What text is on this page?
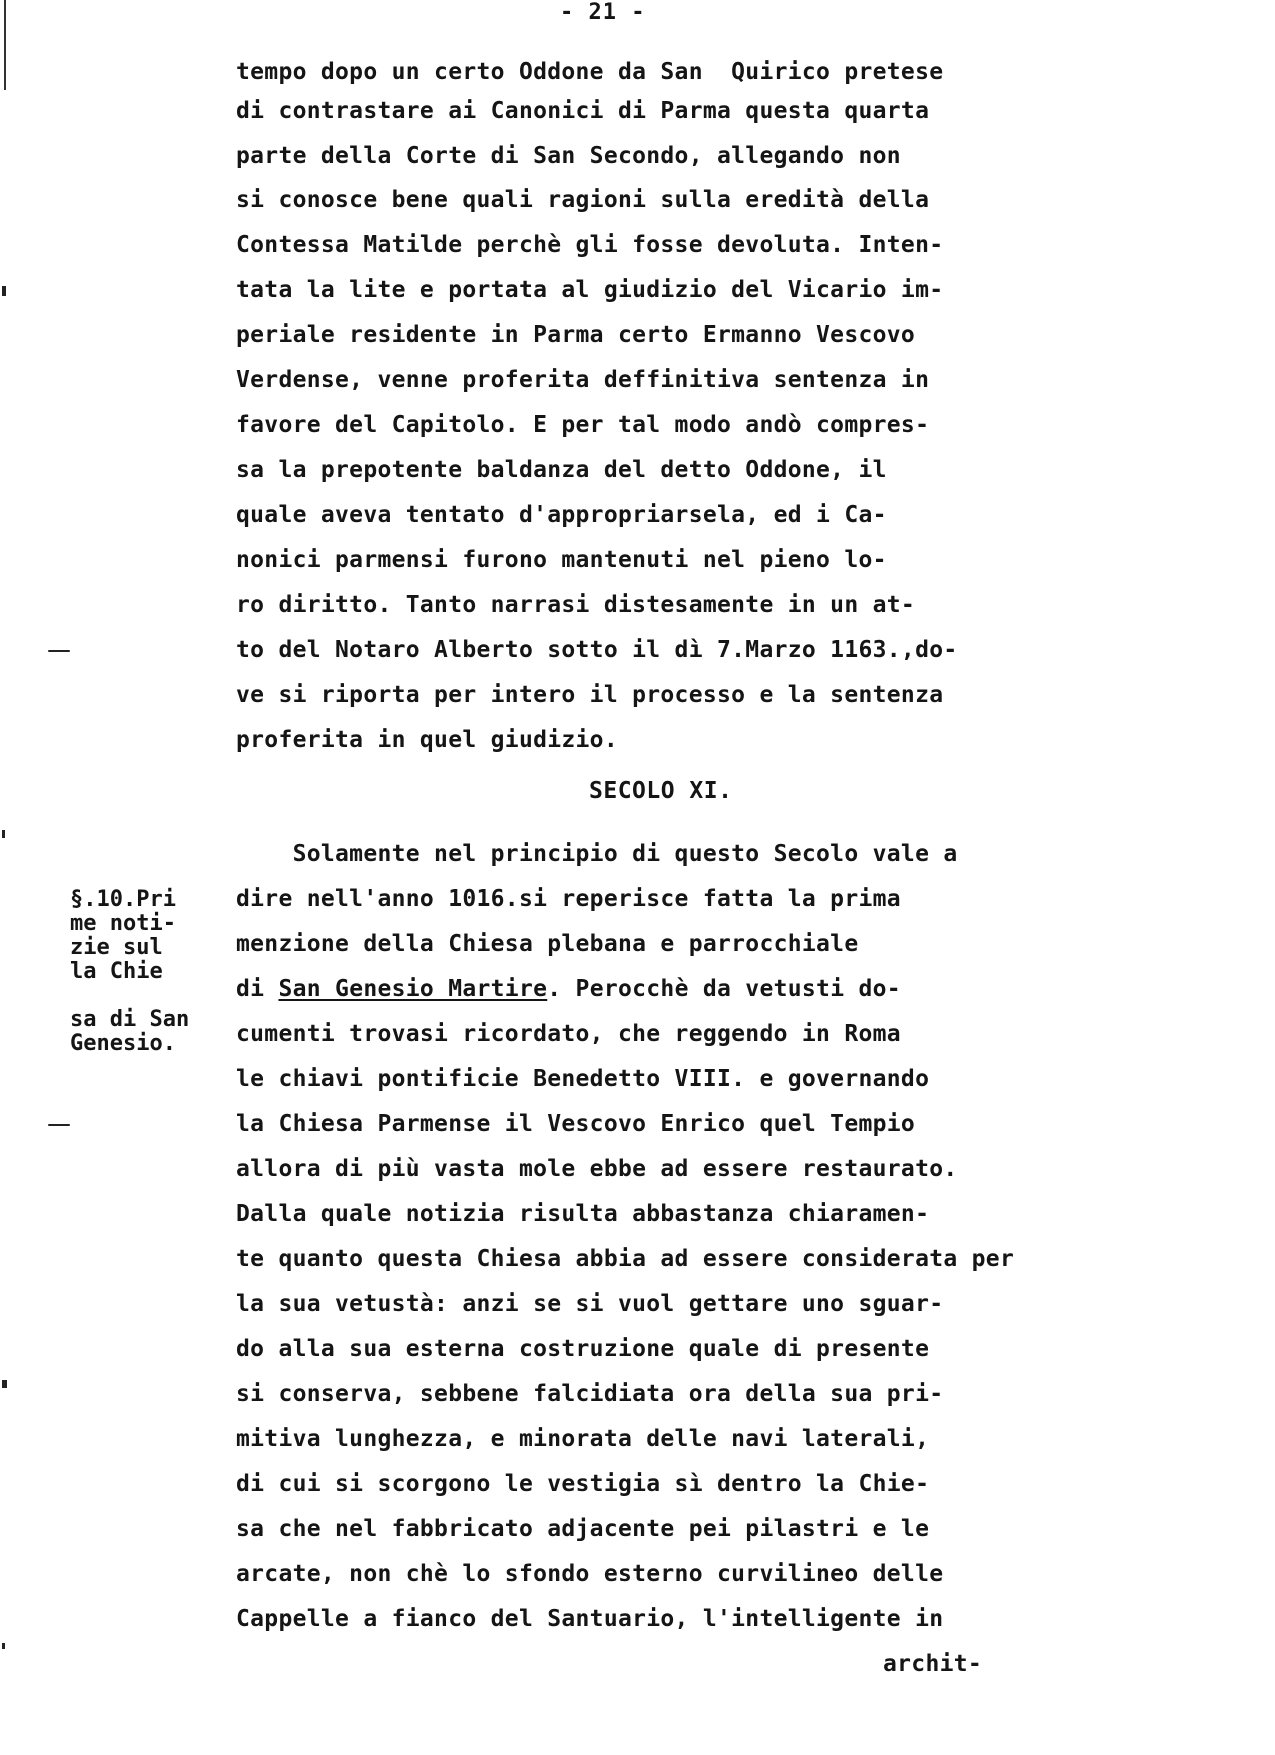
- 21 -
tempo dopo un certo Oddone da San  Quirico pretese
di contrastare ai Canonici di Parma questa quarta
parte della Corte di San Secondo, allegando non
si conosce bene quali ragioni sulla eredità della
Contessa Matilde perchè gli fosse devoluta. Inten-
tata la lite e portata al giudizio del Vicario im-
periale residente in Parma certo Ermanno Vescovo
Verdense, venne proferita deffinitiva sentenza in
favore del Capitolo. E per tal modo andò compres-
sa la prepotente baldanza del detto Oddone, il
quale aveva tentato d'appropriarsela, ed i Ca-
nonici parmensi furono mantenuti nel pieno lo-
ro diritto. Tanto narrasi distesamente in un at-
to del Notaro Alberto sotto il dì 7.Marzo 1163.,do-
ve si riporta per intero il processo e la sentenza
proferita in quel giudizio.
SECOLO XI.
§.10.Pri
me noti-
zie sul
la Chie
sa di San
Genesio.
Solamente nel principio di questo Secolo vale a
dire nell'anno 1016.si reperisce fatta la prima
menzione della Chiesa plebana e parrocchiale
di San Genesio Martire. Perocchè da vetusti do-
cumenti trovasi ricordato, che reggendo in Roma
le chiavi pontificie Benedetto VIII. e governando
la Chiesa Parmense il Vescovo Enrico quel Tempio
allora di più vasta mole ebbe ad essere restaurato.
Dalla quale notizia risulta abbastanza chiaramen-
te quanto questa Chiesa abbia ad essere considerata per
la sua vetustà: anzi se si vuol gettare uno sguar-
do alla sua esterna costruzione quale di presente
si conserva, sebbene falcidiata ora della sua pri-
mitiva lunghezza, e minorata delle navi laterali,
di cui si scorgono le vestigia sì dentro la Chie-
sa che nel fabbricato adjacente pei pilastri e le
arcate, non chè lo sfondo esterno curvilineo delle
Cappelle a fianco del Santuario, l'intelligente in
archit-
